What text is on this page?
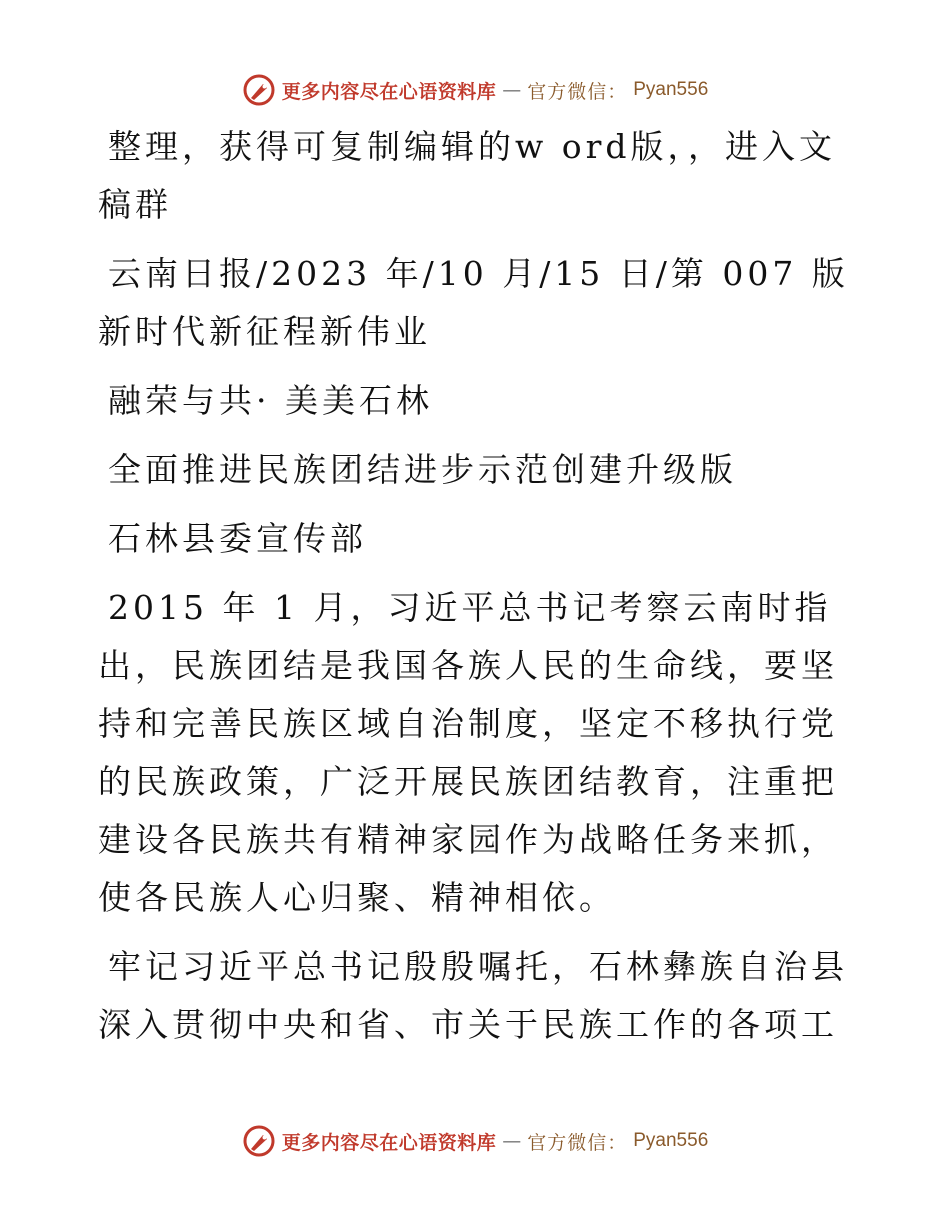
更多内容尽在心语资料库 — 官方微信： Pyan556

整理，获得可复制编辑的w ord版，，进入文稿群

云南日报/2023 年/10 月/15 日/第 007 版新时代新征程新伟业

融荣与共· 美美石林

全面推进民族团结进步示范创建升级版

石林县委宣传部

2015 年 1 月，习近平总书记考察云南时指出，民族团结是我国各族人民的生命线，要坚持和完善民族区域自治制度，坚定不移执行党的民族政策，广泛开展民族团结教育，注重把建设各民族共有精神家园作为战略任务来抓，使各民族人心归聚、精神相依。

牢记习近平总书记殷殷嘱托，石林彝族自治县深入贯彻中央和省、市关于民族工作的各项工

更多内容尽在心语资料库 — 官方微信： Pyan556
